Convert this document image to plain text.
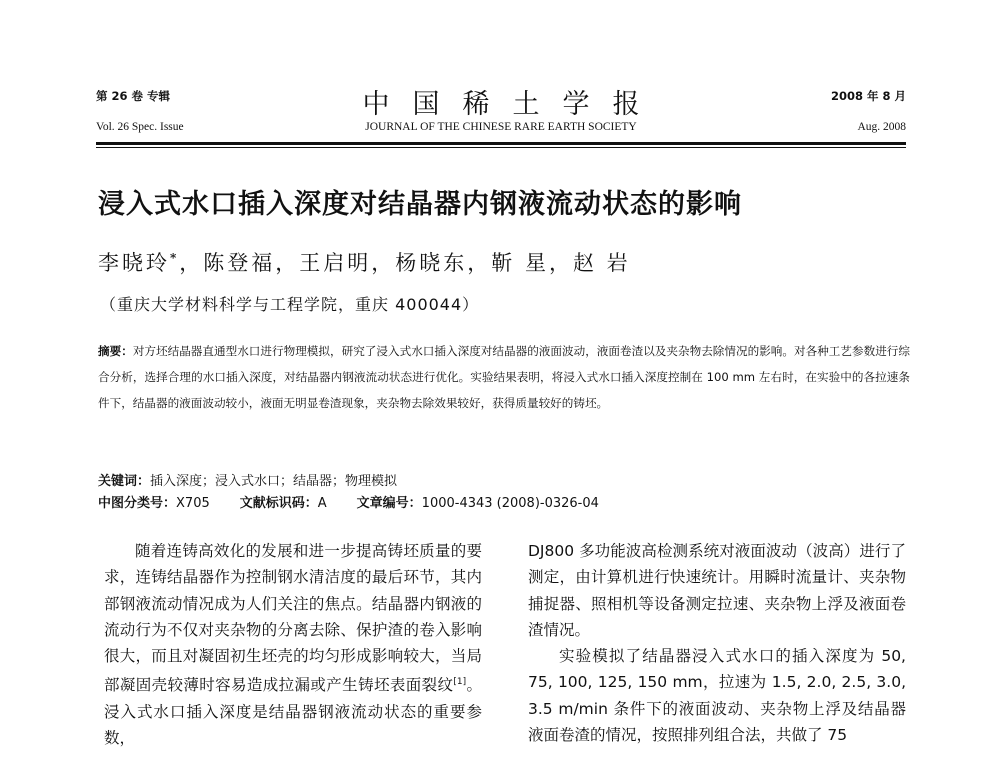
第 26 卷 专辑	中国稀土学报	2008 年 8 月
Vol. 26 Spec. Issue	JOURNAL OF THE CHINESE RARE EARTH SOCIETY	Aug. 2008
浸入式水口插入深度对结晶器内钢液流动状态的影响
李晓玲*，陈登福，王启明，杨晓东，靳 星，赵 岩
（重庆大学材料科学与工程学院，重庆 400044）
摘要：对方坯结晶器直通型水口进行物理模拟，研究了浸入式水口插入深度对结晶器的液面波动，液面卷渣以及夹杂物去除情况的影响。对各种工艺参数进行综合分析，选择合理的水口插入深度，对结晶器内钢液流动状态进行优化。实验结果表明，将浸入式水口插入深度控制在 100 mm 左右时，在实验中的各拉速条件下，结晶器的液面波动较小，液面无明显卷渣现象，夹杂物去除效果较好，获得质量较好的铸坯。
关键词：插入深度；浸入式水口；结晶器；物理模拟
中图分类号：X705 文献标识码：A 文章编号：1000-4343 (2008)-0326-04

随着连铸高效化的发展和进一步提高铸坯质量的要求，连铸结晶器作为控制钢水清洁度的最后环节，其内部钢液流动情况成为人们关注的焦点。结晶器内钢液的流动行为不仅对夹杂物的分离去除、保护渣的卷入影响很大，而且对凝固初生坯壳的均匀形成影响较大，当局部凝固壳较薄时容易造成拉漏或产生铸坯表面裂纹[1]。浸入式水口插入深度是结晶器钢液流动状态的重要参数，

DJ800 多功能波高检测系统对液面波动（波高）进行了测定，由计算机进行快速统计。用瞬时流量计、夹杂物捕捉器、照相机等设备测定拉速、夹杂物上浮及液面卷渣情况。

实验模拟了结晶器浸入式水口的插入深度为 50, 75, 100, 125, 150 mm，拉速为 1.5, 2.0, 2.5, 3.0, 3.5 m/min 条件下的液面波动、夹杂物上浮及结晶器液面卷渣的情况，按照排列组合法，共做了 75
